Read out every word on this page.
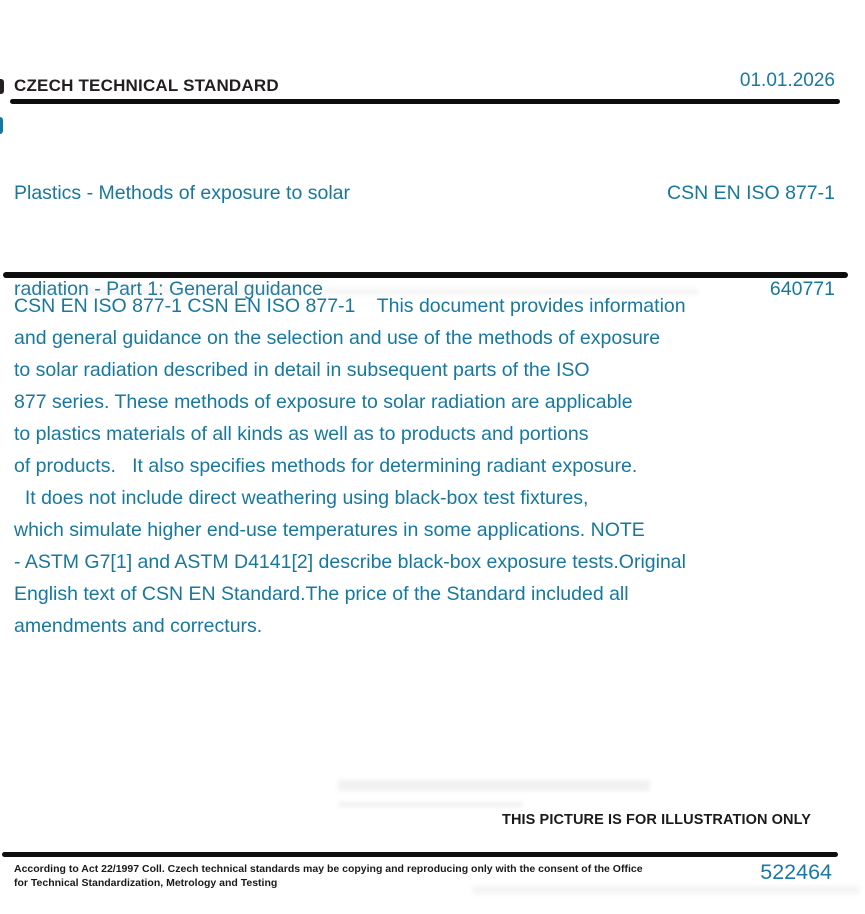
CZECH TECHNICAL STANDARD	01.01.2026

Plastics - Methods of exposure to solar

radiation - Part 1: General guidance

CSN EN ISO 877-1

640771

CSN EN ISO 877-1 CSN EN ISO 877-1    This document provides information
and general guidance on the selection and use of the methods of exposure
to solar radiation described in detail in subsequent parts of the ISO
877 series. These methods of exposure to solar radiation are applicable
to plastics materials of all kinds as well as to products and portions
of products.   It also specifies methods for determining radiant exposure.
It does not include direct weathering using black-box test fixtures,
which simulate higher end-use temperatures in some applications. NOTE
- ASTM G7[1] and ASTM D4141[2] describe black-box exposure tests.Original
English text of CSN EN Standard.The price of the Standard included all
amendments and correcturs.
THIS PICTURE IS FOR ILLUSTRATION ONLY
According to Act 22/1997 Coll. Czech technical standards may be copying and reproducing only with the consent of the Office
for Technical Standardization, Metrology and Testing	522464
